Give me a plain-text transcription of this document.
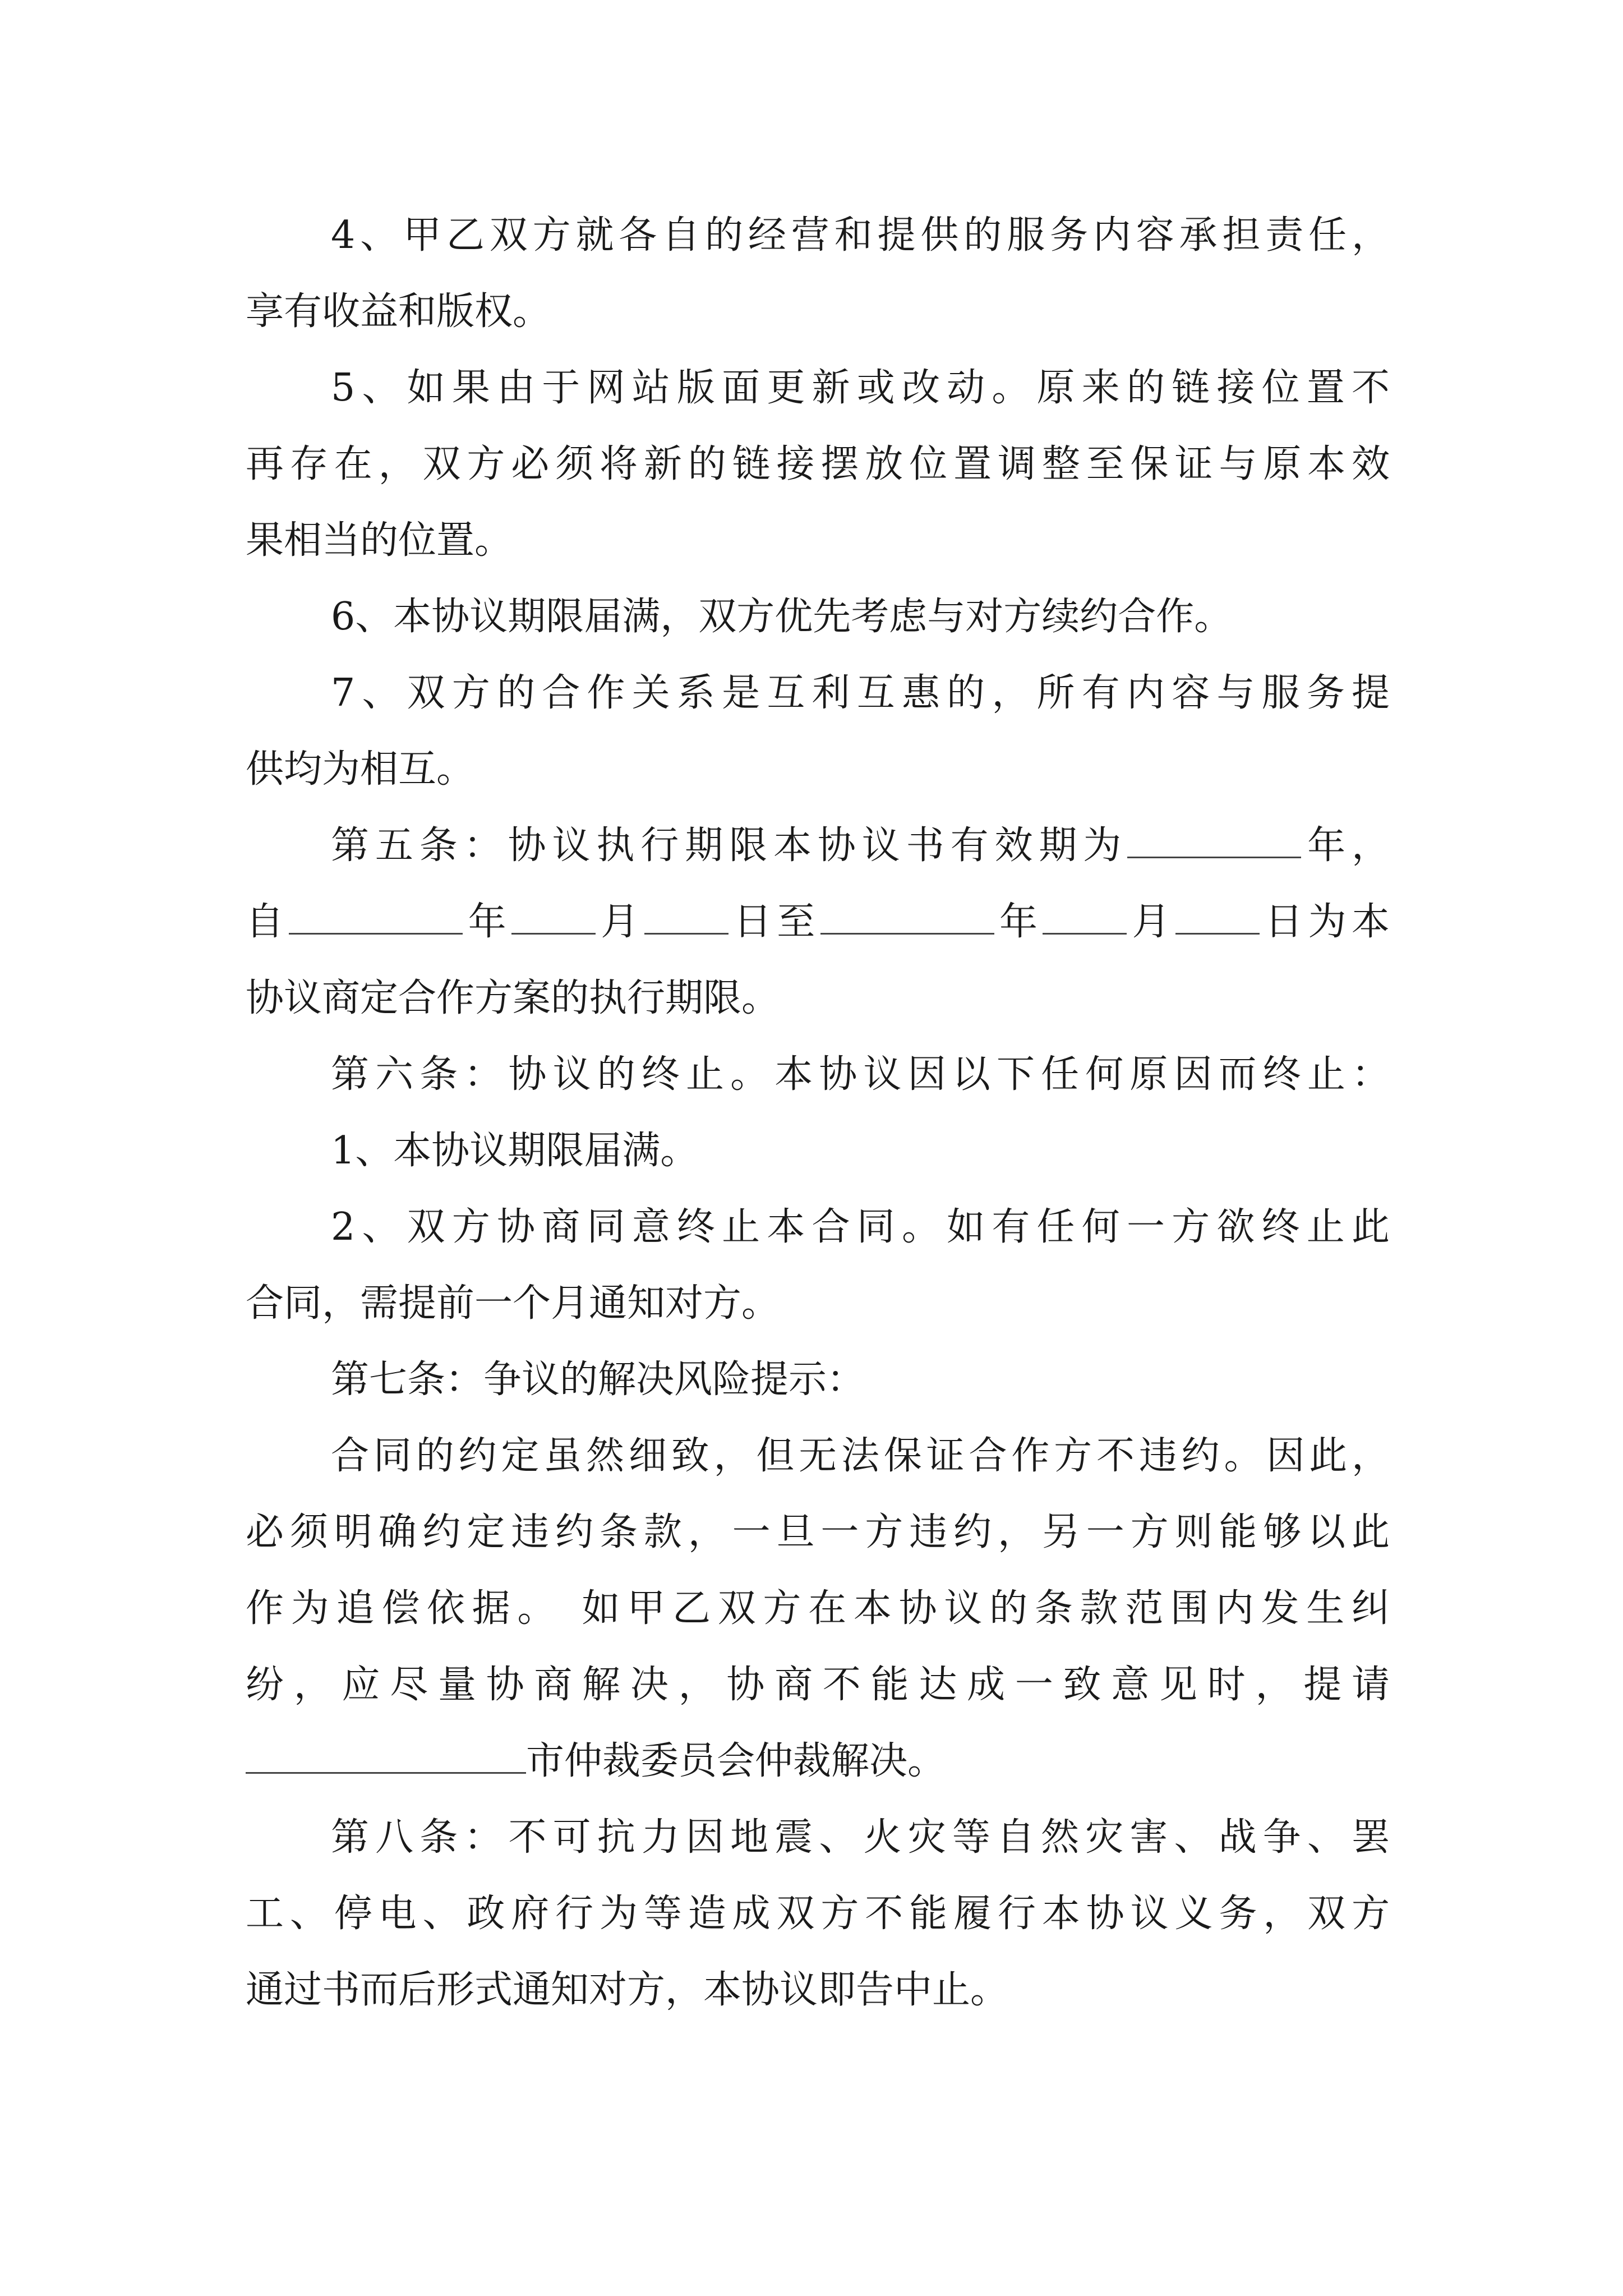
4、甲乙双方就各自的经营和提供的服务内容承担责任，
享有收益和版权。
5、如果由于网站版面更新或改动。原来的链接位置不
再存在，双方必须将新的链接摆放位置调整至保证与原本效
果相当的位置。
6、本协议期限届满，双方优先考虑与对方续约合作。
7、双方的合作关系是互利互惠的，所有内容与服务提
供均为相互。
第五条：协议执行期限本协议书有效期为	年，
自	年 月 日至	年 月 日为本
协议商定合作方案的执行期限。
第六条：协议的终止。本协议因以下任何原因而终止：
1、本协议期限届满。
2、双方协商同意终止本合同。如有任何一方欲终止此
合同，需提前一个月通知对方。
第七条：争议的解决风险提示：
合同的约定虽然细致，但无法保证合作方不违约。因此，
必须明确约定违约条款，一旦一方违约，另一方则能够以此
作为追偿依据。 如甲乙双方在本协议的条款范围内发生纠
纷，应尽量协商解决，协商不能达成一致意见时，提请
市仲裁委员会仲裁解决。
第八条：不可抗力因地震、火灾等自然灾害、战争、罢
工、停电、政府行为等造成双方不能履行本协议义务，双方
通过书而后形式通知对方，本协议即告中止。
